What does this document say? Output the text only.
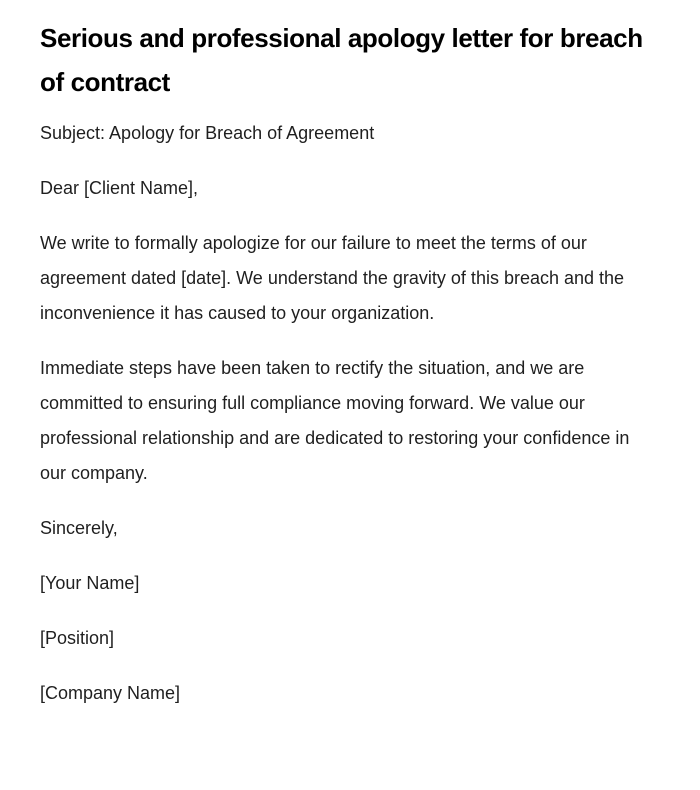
Serious and professional apology letter for breach of contract

Subject: Apology for Breach of Agreement

Dear [Client Name],

We write to formally apologize for our failure to meet the terms of our agreement dated [date]. We understand the gravity of this breach and the inconvenience it has caused to your organization.

Immediate steps have been taken to rectify the situation, and we are committed to ensuring full compliance moving forward. We value our professional relationship and are dedicated to restoring your confidence in our company.

Sincerely,

[Your Name]

[Position]

[Company Name]
